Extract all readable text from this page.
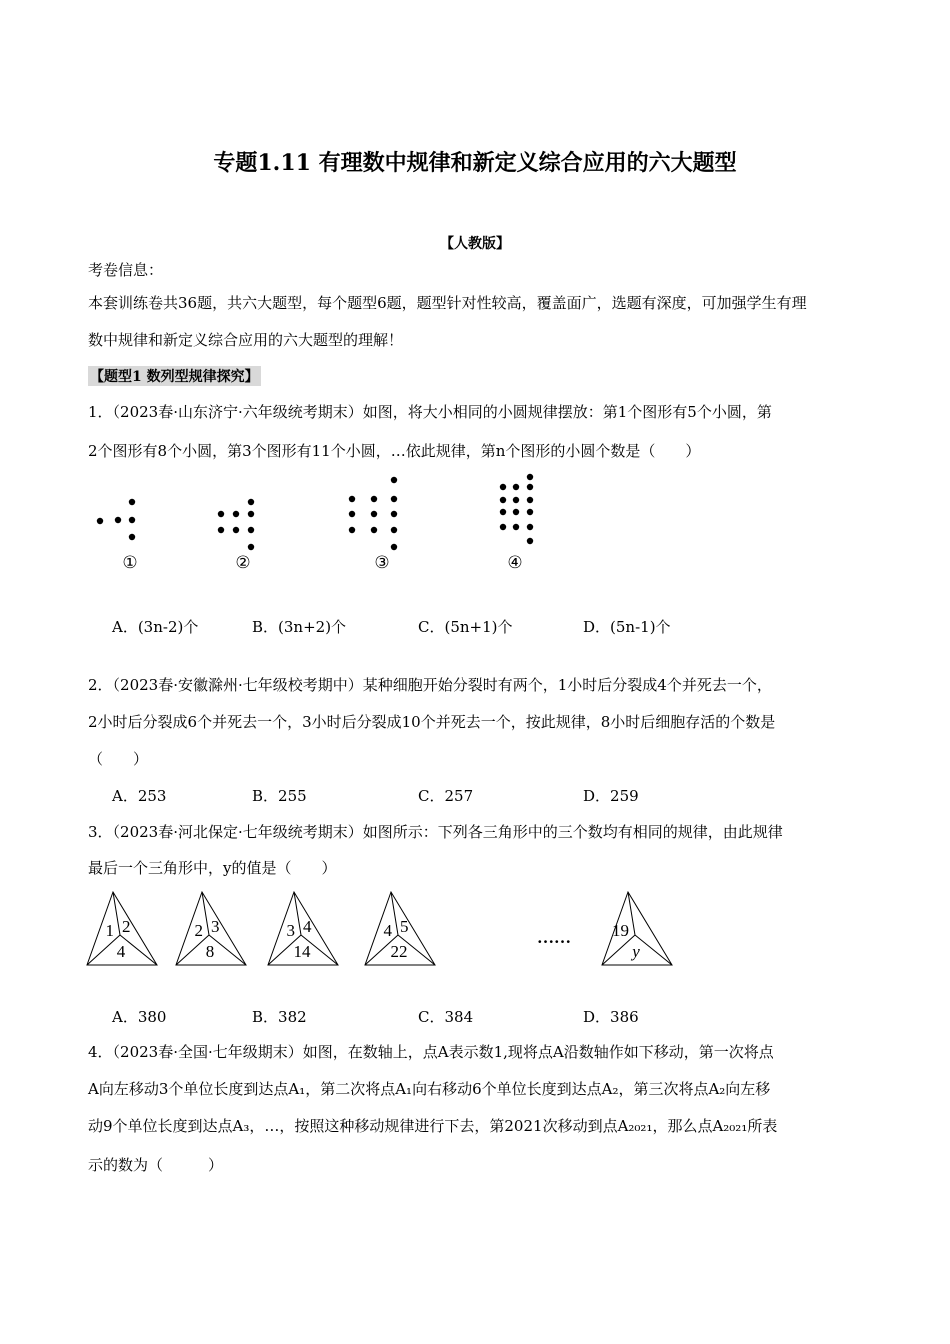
专题1.11 有理数中规律和新定义综合应用的六大题型
【人教版】
考卷信息：
本套训练卷共36题，共六大题型，每个题型6题，题型针对性较高，覆盖面广，选题有深度，可加强学生有理
数中规律和新定义综合应用的六大题型的理解！
【题型1 数列型规律探究】
1．（2023春·山东济宁·六年级统考期末）如图，将大小相同的小圆规律摆放：第1个图形有5个小圆，第
2个图形有8个小圆，第3个图形有11个小圆，…依此规律，第n个图形的小圆个数是（　　）
①	②	③	④
A．(3n-2)个	B．(3n+2)个	C．(5n+1)个	D．(5n-1)个
2．（2023春·安徽滁州·七年级校考期中）某种细胞开始分裂时有两个，1小时后分裂成4个并死去一个，
2小时后分裂成6个并死去一个，3小时后分裂成10个并死去一个，按此规律，8小时后细胞存活的个数是
（　　）
A．253	B．255	C．257	D．259
3．（2023春·河北保定·七年级统考期末）如图所示：下列各三角形中的三个数均有相同的规律，由此规律
最后一个三角形中，y的值是（　　）
1 2
4
2 3
8
3 4
14
4 5
22
19
y
……
A．380	B．382	C．384	D．386
4．（2023春·全国·七年级期末）如图，在数轴上，点A表示数1,现将点A沿数轴作如下移动，第一次将点
A向左移动3个单位长度到达点A₁，第二次将点A₁向右移动6个单位长度到达点A₂，第三次将点A₂向左移
动9个单位长度到达点A₃，…，按照这种移动规律进行下去，第2021次移动到点A₂₀₂₁，那么点A₂₀₂₁所表
示的数为（　　　）
